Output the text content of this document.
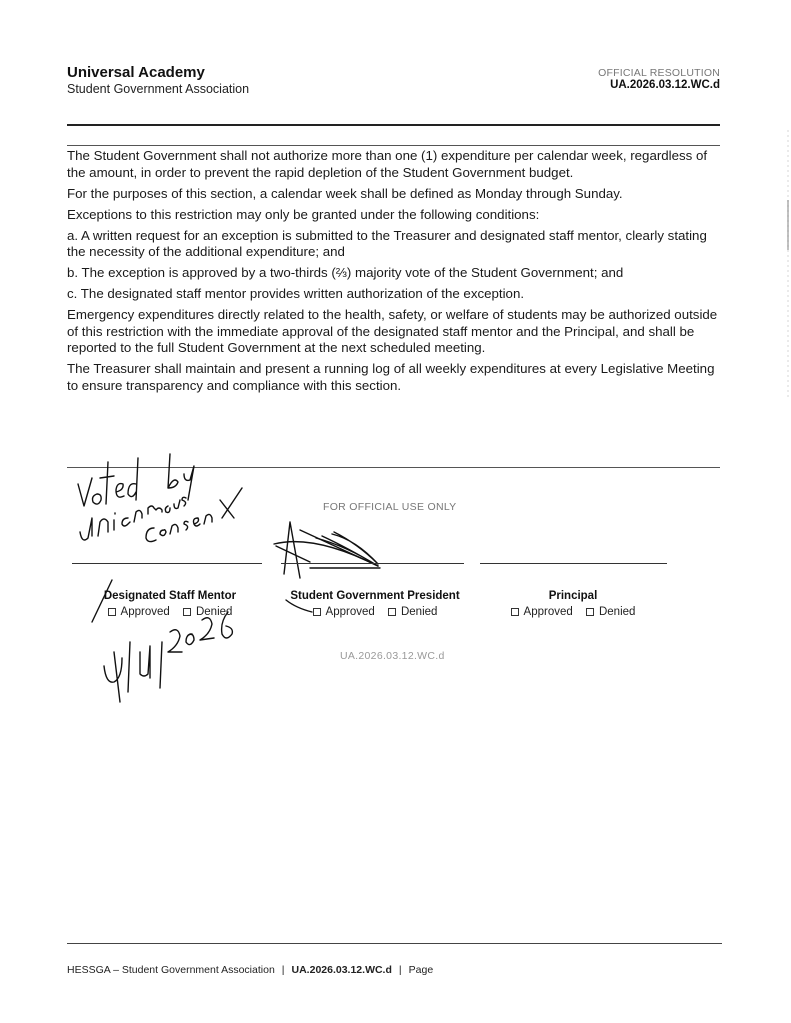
Universal Academy
Student Government Association
OFFICIAL RESOLUTION
UA.2026.03.12.WC.d

The Student Government shall not authorize more than one (1) expenditure per calendar week, regardless of the amount, in order to prevent the rapid depletion of the Student Government budget.

For the purposes of this section, a calendar week shall be defined as Monday through Sunday.

Exceptions to this restriction may only be granted under the following conditions:

a. A written request for an exception is submitted to the Treasurer and designated staff mentor, clearly stating the necessity of the additional expenditure; and

b. The exception is approved by a two-thirds (⅔) majority vote of the Student Government; and

c. The designated staff mentor provides written authorization of the exception.

Emergency expenditures directly related to the health, safety, or welfare of students may be authorized outside of this restriction with the immediate approval of the designated staff mentor and the Principal, and shall be reported to the full Student Government at the next scheduled meeting.

The Treasurer shall maintain and present a running log of all weekly expenditures at every Legislative Meeting to ensure transparency and compliance with this section.

FOR OFFICIAL USE ONLY
Designated Staff Mentor
Approved
Denied
Student Government President
Approved
Denied
Principal
Approved
Denied
UA.2026.03.12.WC.d
HESSGA – Student Government Association | UA.2026.03.12.WC.d | Page
